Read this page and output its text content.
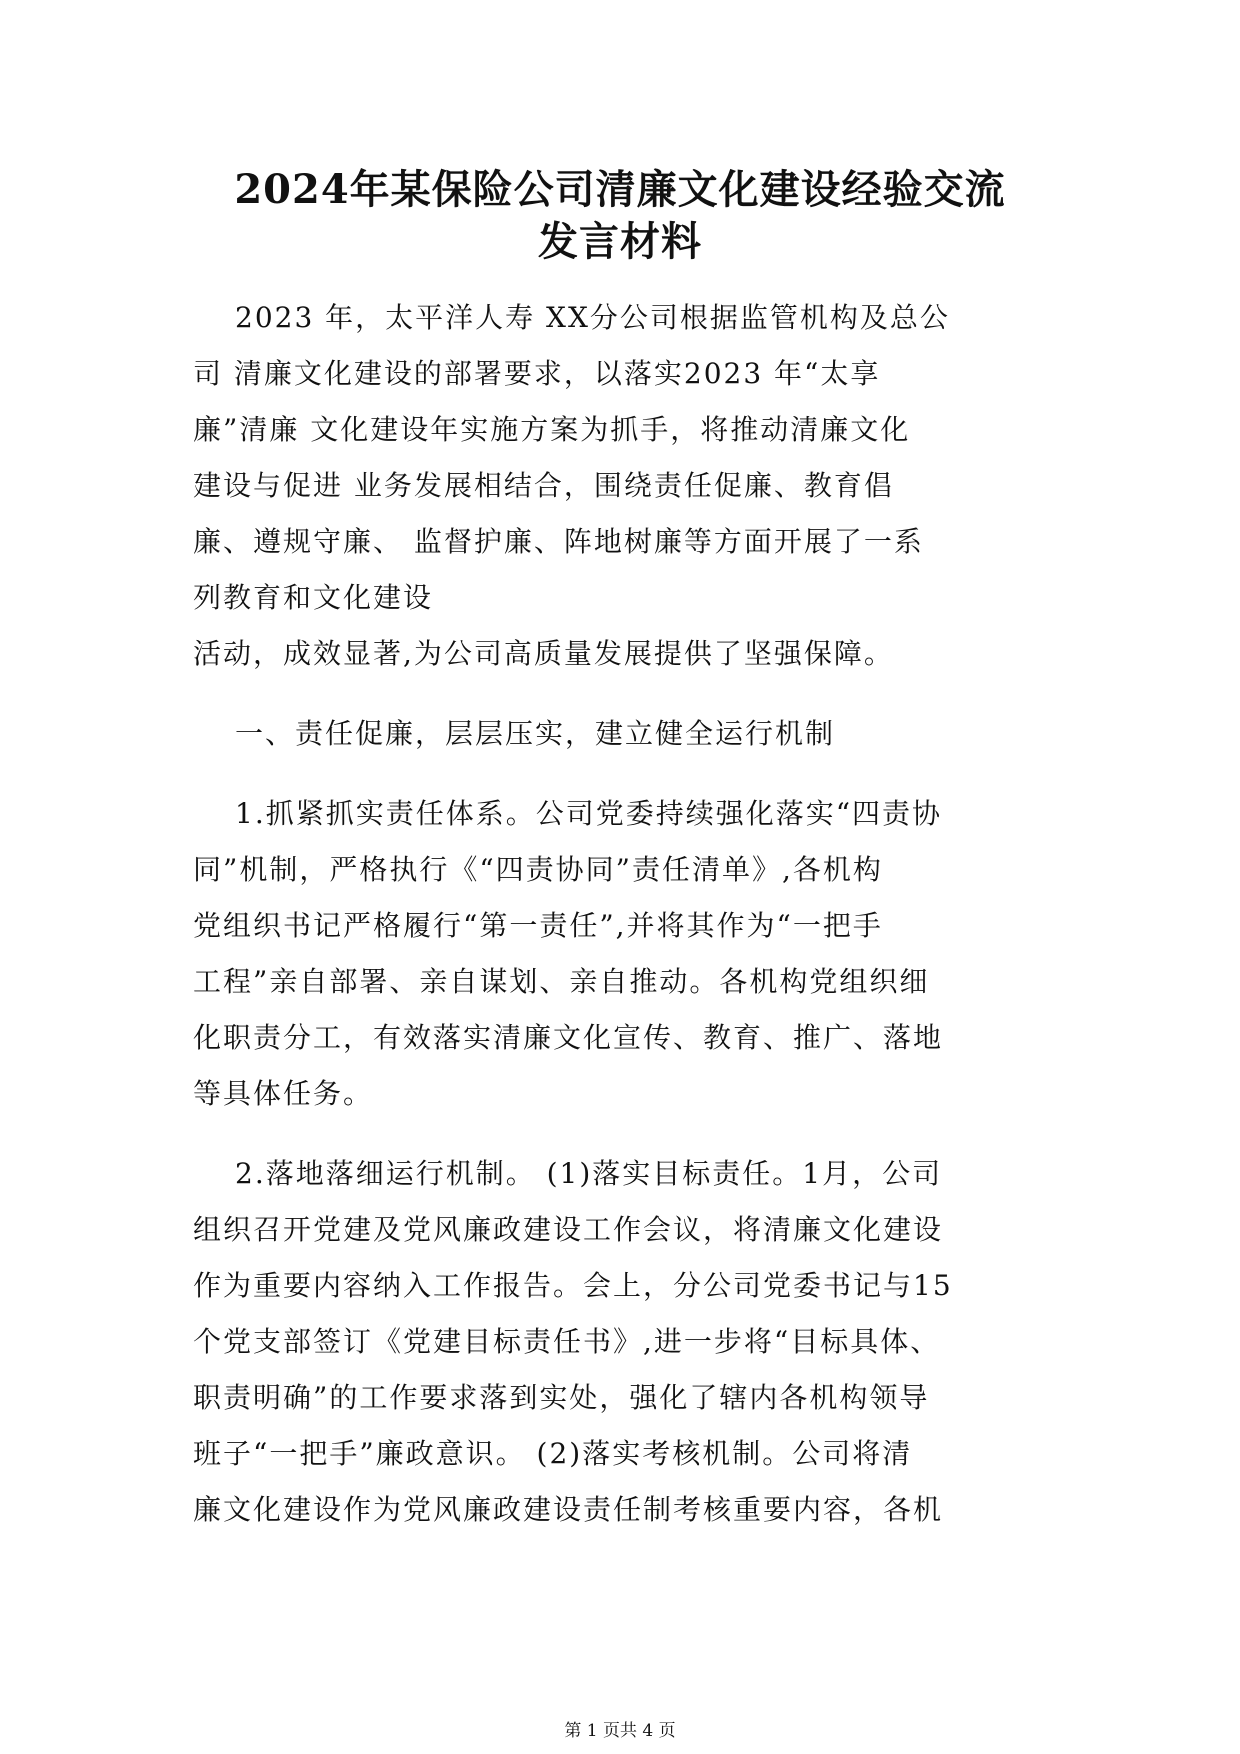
2024年某保险公司清廉文化建设经验交流
发言材料

2023 年，太平洋人寿 XX分公司根据监管机构及总公

司 清廉文化建设的部署要求，以落实2023 年“太享

廉”清廉 文化建设年实施方案为抓手，将推动清廉文化

建设与促进 业务发展相结合，围绕责任促廉、教育倡

廉、遵规守廉、 监督护廉、阵地树廉等方面开展了一系

列教育和文化建设

活动，成效显著,为公司高质量发展提供了坚强保障。

一、责任促廉，层层压实，建立健全运行机制

1.抓紧抓实责任体系。公司党委持续强化落实“四责协

同”机制，严格执行《“四责协同”责任清单》,各机构

党组织书记严格履行“第一责任”,并将其作为“一把手

工程”亲自部署、亲自谋划、亲自推动。各机构党组织细

化职责分工，有效落实清廉文化宣传、教育、推广、落地

等具体任务。

2.落地落细运行机制。 (1)落实目标责任。1月，公司

组织召开党建及党风廉政建设工作会议，将清廉文化建设

作为重要内容纳入工作报告。会上，分公司党委书记与15

个党支部签订《党建目标责任书》,进一步将“目标具体、

职责明确”的工作要求落到实处，强化了辖内各机构领导

班子“一把手”廉政意识。 (2)落实考核机制。公司将清

廉文化建设作为党风廉政建设责任制考核重要内容，各机

第 1 页共 4 页
